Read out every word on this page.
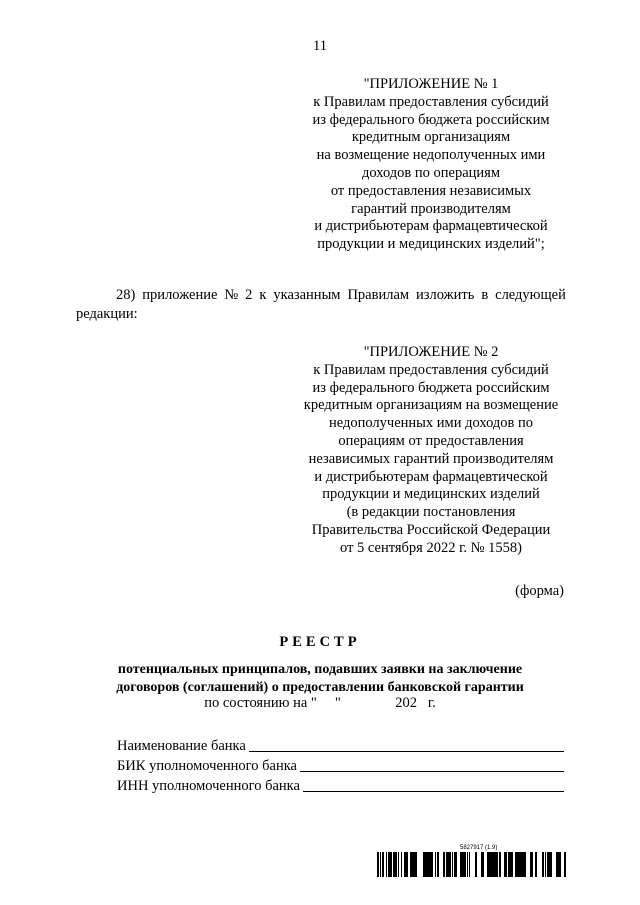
11
"ПРИЛОЖЕНИЕ № 1
к Правилам предоставления субсидий
из федерального бюджета российским
кредитным организациям
на возмещение недополученных ими
доходов по операциям
от предоставления независимых
гарантий производителям
и дистрибьютерам фармацевтической
продукции и медицинских изделий";
28) приложение № 2 к указанным Правилам изложить в следующей
редакции:
"ПРИЛОЖЕНИЕ № 2
к Правилам предоставления субсидий
из федерального бюджета российским
кредитным организациям на возмещение
недополученных ими доходов по
операциям от предоставления
независимых гарантий производителям
и дистрибьютерам фармацевтической
продукции и медицинских изделий
(в редакции постановления
Правительства Российской Федерации
от 5 сентября 2022 г. № 1558)
(форма)
РЕЕСТР
потенциальных принципалов, подавших заявки на заключение
договоров (соглашений) о предоставлении банковской гарантии
по состоянию на "     "               202   г.
Наименование банка
БИК уполномоченного банка
ИНН уполномоченного банка
5827917 (1.9)
